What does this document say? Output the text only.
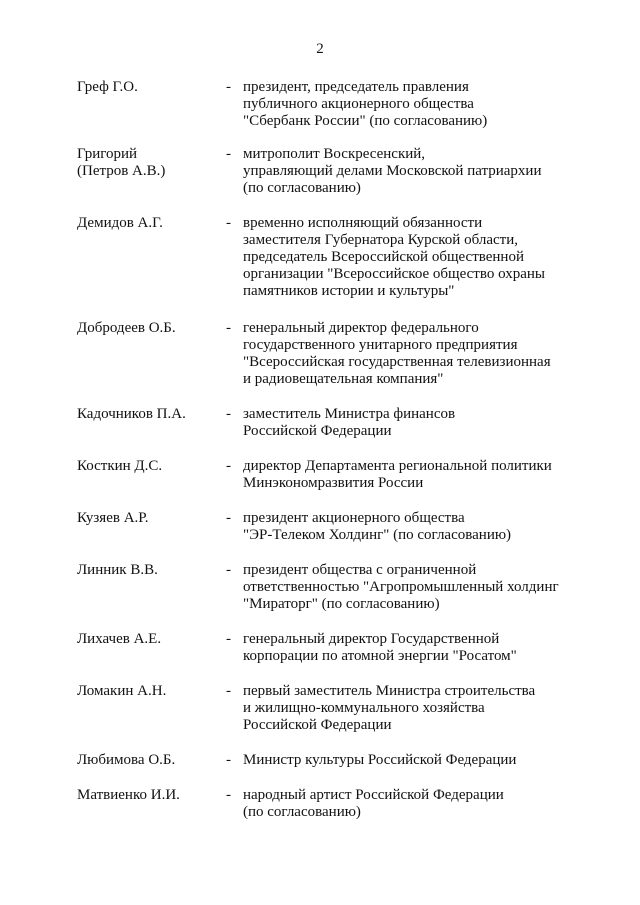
2
Греф Г.О.	- президент, председатель правления
публичного акционерного общества
"Сбербанк России" (по согласованию)
Григорий
(Петров А.В.)
- митрополит Воскресенский,
управляющий делами Московской патриархии
(по согласованию)
Демидов А.Г.	- временно исполняющий обязанности
заместителя Губернатора Курской области,
председатель Всероссийской общественной
организации "Всероссийское общество охраны
памятников истории и культуры"
Добродеев О.Б.	- генеральный директор федерального
государственного унитарного предприятия
"Всероссийская государственная телевизионная
и радиовещательная компания"
Кадочников П.А.	- заместитель Министра финансов
Российской Федерации
Косткин Д.С.	- директор Департамента региональной политики
Минэкономразвития России
Кузяев А.Р.	- президент акционерного общества
"ЭР-Телеком Холдинг" (по согласованию)
Линник В.В.	- президент общества с ограниченной
ответственностью "Агропромышленный холдинг
"Мираторг" (по согласованию)
Лихачев А.Е.	- генеральный директор Государственной
корпорации по атомной энергии "Росатом"
Ломакин А.Н.	- первый заместитель Министра строительства
и жилищно-коммунального хозяйства
Российской Федерации
Любимова О.Б.	- Министр культуры Российской Федерации
Матвиенко И.И.	- народный артист Российской Федерации
(по согласованию)
